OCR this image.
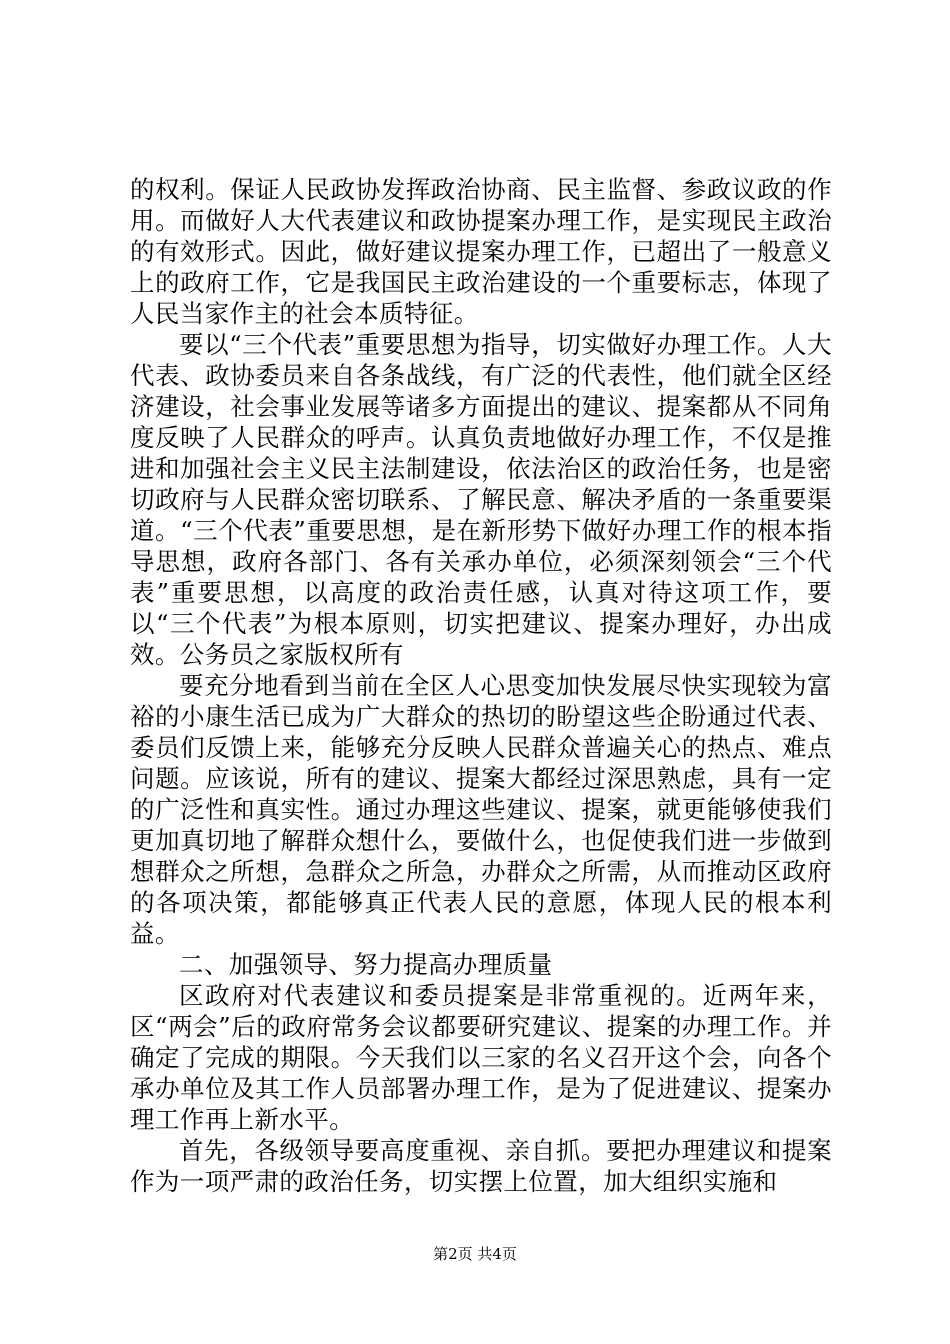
的权利。保证人民政协发挥政治协商、民主监督、参政议政的作用。而做好人大代表建议和政协提案办理工作，是实现民主政治的有效形式。因此，做好建议提案办理工作，已超出了一般意义上的政府工作，它是我国民主政治建设的一个重要标志，体现了人民当家作主的社会本质特征。

要以“三个代表”重要思想为指导，切实做好办理工作。人大代表、政协委员来自各条战线，有广泛的代表性，他们就全区经济建设，社会事业发展等诸多方面提出的建议、提案都从不同角度反映了人民群众的呼声。认真负责地做好办理工作，不仅是推进和加强社会主义民主法制建设，依法治区的政治任务，也是密切政府与人民群众密切联系、了解民意、解决矛盾的一条重要渠道。“三个代表”重要思想，是在新形势下做好办理工作的根本指导思想，政府各部门、各有关承办单位，必须深刻领会“三个代表”重要思想，以高度的政治责任感，认真对待这项工作，要以“三个代表”为根本原则，切实把建议、提案办理好，办出成效。公务员之家版权所有

要充分地看到当前在全区人心思变加快发展尽快实现较为富裕的小康生活已成为广大群众的热切的盼望这些企盼通过代表、委员们反馈上来，能够充分反映人民群众普遍关心的热点、难点问题。应该说，所有的建议、提案大都经过深思熟虑，具有一定的广泛性和真实性。通过办理这些建议、提案，就更能够使我们更加真切地了解群众想什么，要做什么，也促使我们进一步做到想群众之所想，急群众之所急，办群众之所需，从而推动区政府的各项决策，都能够真正代表人民的意愿，体现人民的根本利益。

二、加强领导、努力提高办理质量

区政府对代表建议和委员提案是非常重视的。近两年来，区“两会”后的政府常务会议都要研究建议、提案的办理工作。并确定了完成的期限。今天我们以三家的名义召开这个会，向各个承办单位及其工作人员部署办理工作，是为了促进建议、提案办理工作再上新水平。

首先，各级领导要高度重视、亲自抓。要把办理建议和提案作为一项严肃的政治任务，切实摆上位置，加大组织实施和

第2页 共4页
